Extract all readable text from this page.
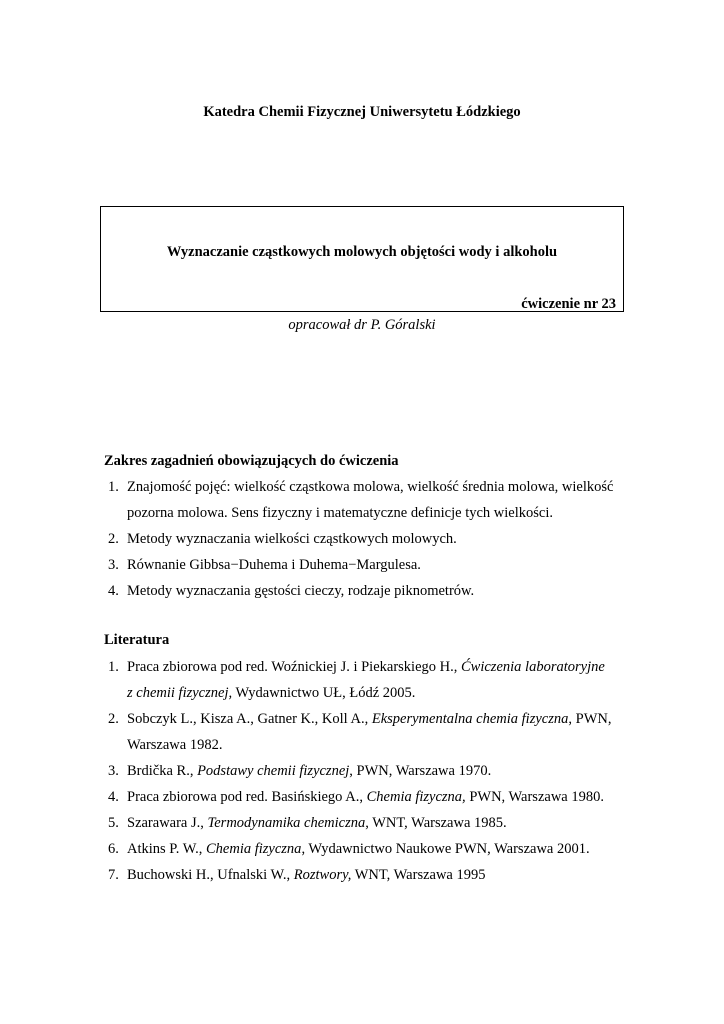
Katedra Chemii Fizycznej Uniwersytetu Łódzkiego
Wyznaczanie cząstkowych molowych objętości wody i alkoholu
ćwiczenie nr 23
opracował dr P. Góralski
Zakres zagadnień obowiązujących do ćwiczenia
1. Znajomość pojęć: wielkość cząstkowa molowa, wielkość średnia molowa, wielkość
pozorna molowa. Sens fizyczny i matematyczne definicje tych wielkości.
2. Metody wyznaczania wielkości cząstkowych molowych.
3. Równanie Gibbsa−Duhema i Duhema−Margulesa.
4. Metody wyznaczania gęstości cieczy, rodzaje piknometrów.
Literatura
1. Praca zbiorowa pod red. Woźnickiej J. i Piekarskiego H., Ćwiczenia laboratoryjne
z chemii fizycznej, Wydawnictwo UŁ, Łódź 2005.
2. Sobczyk L., Kisza A., Gatner K., Koll A., Eksperymentalna chemia fizyczna, PWN,
Warszawa 1982.
3. Brdička R., Podstawy chemii fizycznej, PWN, Warszawa 1970.
4. Praca zbiorowa pod red. Basińskiego A., Chemia fizyczna, PWN, Warszawa 1980.
5. Szarawara J., Termodynamika chemiczna, WNT, Warszawa 1985.
6. Atkins P. W., Chemia fizyczna, Wydawnictwo Naukowe PWN, Warszawa 2001.
7. Buchowski H., Ufnalski W., Roztwory, WNT, Warszawa 1995
